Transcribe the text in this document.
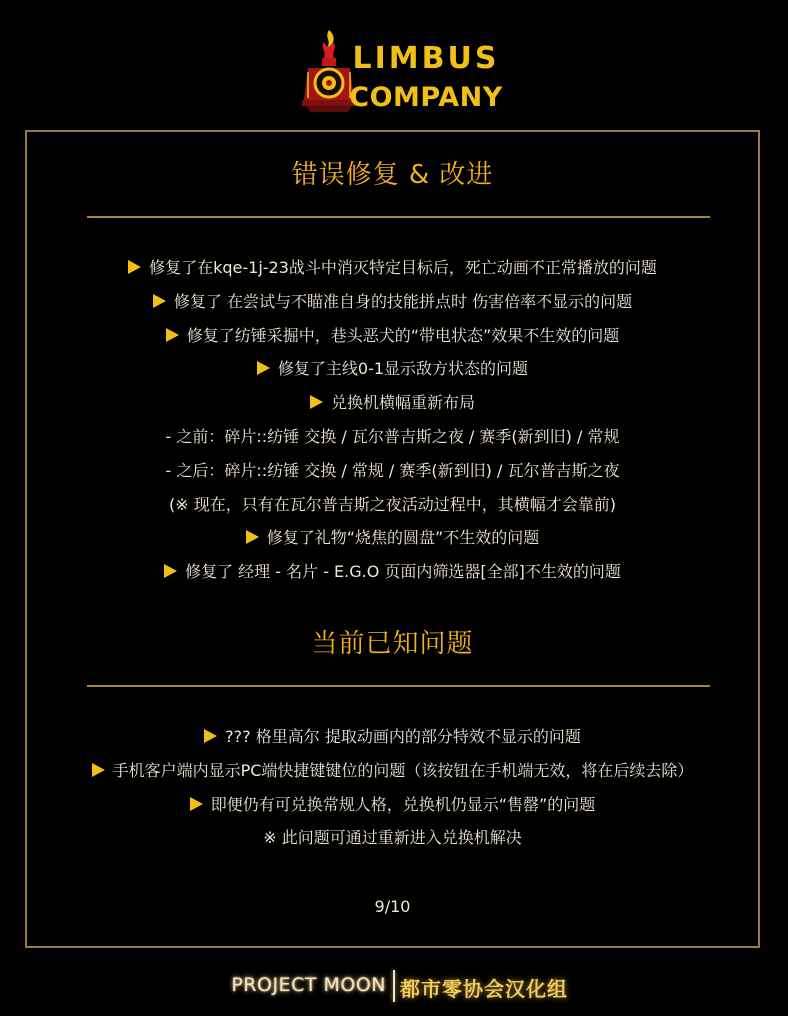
LIMBUS
COMPANY
错误修复 & 改进
修复了在kqe-1j-23战斗中消灭特定目标后，死亡动画不正常播放的问题
修复了 在尝试与不瞄准自身的技能拼点时 伤害倍率不显示的问题
修复了纺锤采掘中，巷头恶犬的“带电状态”效果不生效的问题
修复了主线0-1显示敌方状态的问题
兑换机横幅重新布局
- 之前：碎片::纺锤 交换 / 瓦尔普吉斯之夜 / 赛季(新到旧) / 常规
- 之后：碎片::纺锤 交换 / 常规 / 赛季(新到旧) / 瓦尔普吉斯之夜
(※ 现在，只有在瓦尔普吉斯之夜活动过程中，其横幅才会靠前)
修复了礼物“烧焦的圆盘”不生效的问题
修复了 经理 - 名片 - E.G.O 页面内筛选器[全部]不生效的问题
当前已知问题
??? 格里高尔 提取动画内的部分特效不显示的问题
手机客户端内显示PC端快捷键键位的问题（该按钮在手机端无效，将在后续去除）
即便仍有可兑换常规人格，兑换机仍显示“售罄”的问题
※ 此问题可通过重新进入兑换机解决
9/10
PROJECT MOON 都市零协会汉化组
